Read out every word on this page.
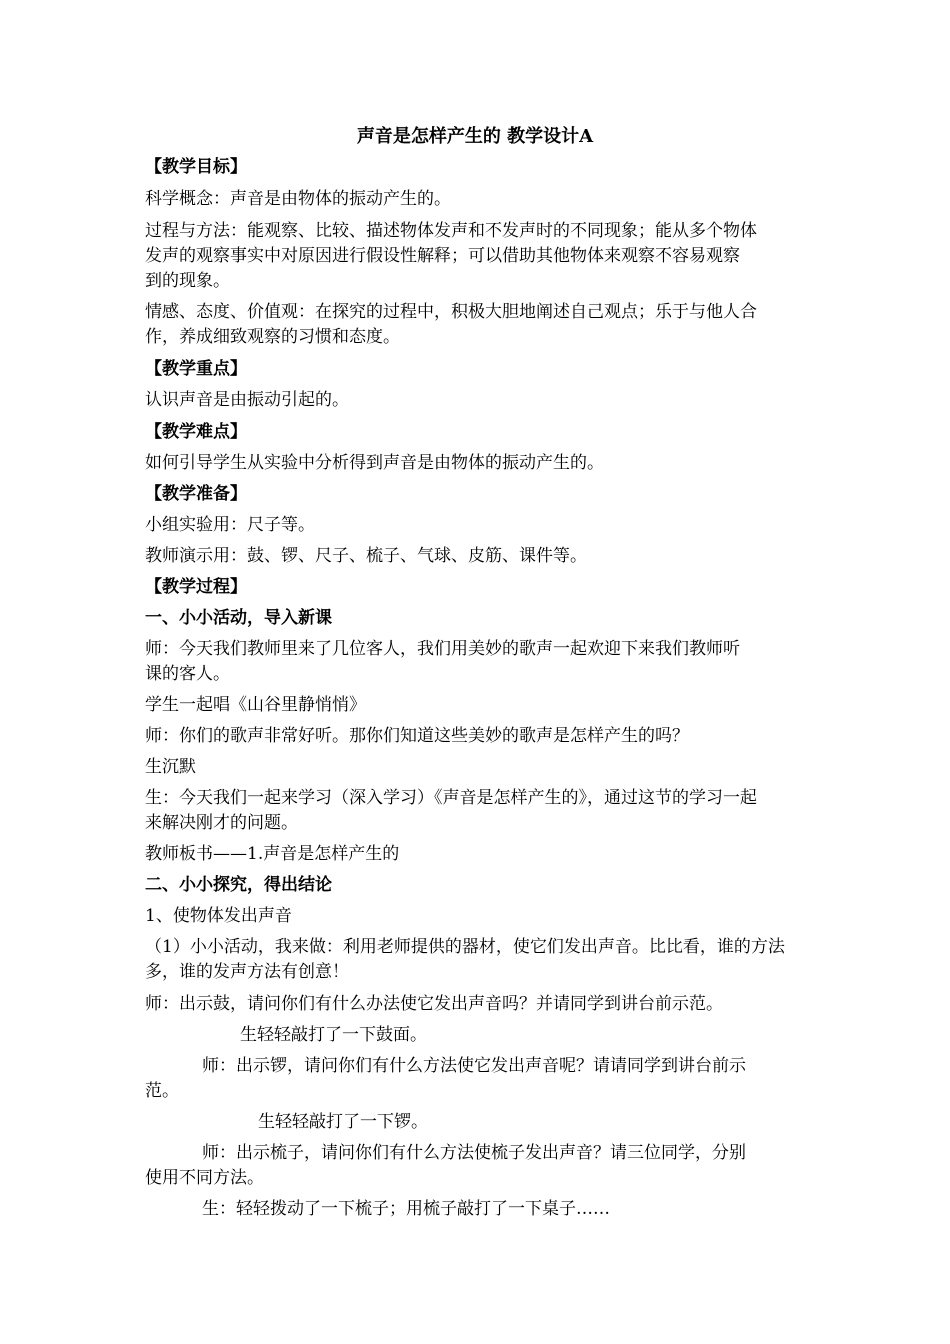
声音是怎样产生的 教学设计A
【教学目标】
科学概念：声音是由物体的振动产生的。
过程与方法：能观察、比较、描述物体发声和不发声时的不同现象；能从多个物体
发声的观察事实中对原因进行假设性解释；可以借助其他物体来观察不容易观察
到的现象。
情感、态度、价值观：在探究的过程中，积极大胆地阐述自己观点；乐于与他人合
作，养成细致观察的习惯和态度。
【教学重点】
认识声音是由振动引起的。
【教学难点】
如何引导学生从实验中分析得到声音是由物体的振动产生的。
【教学准备】
小组实验用：尺子等。
教师演示用：鼓、锣、尺子、梳子、气球、皮筋、课件等。
【教学过程】
一、小小活动，导入新课
师：今天我们教师里来了几位客人，我们用美妙的歌声一起欢迎下来我们教师听
课的客人。
学生一起唱《山谷里静悄悄》
师：你们的歌声非常好听。那你们知道这些美妙的歌声是怎样产生的吗？
生沉默
生：今天我们一起来学习（深入学习）《声音是怎样产生的》，通过这节的学习一起
来解决刚才的问题。
教师板书——1.声音是怎样产生的
二、小小探究，得出结论
1、使物体发出声音
（1）小小活动，我来做：利用老师提供的器材，使它们发出声音。比比看，谁的方法
多，谁的发声方法有创意！
师：出示鼓，请问你们有什么办法使它发出声音吗？并请同学到讲台前示范。
生轻轻敲打了一下鼓面。
师：出示锣，请问你们有什么方法使它发出声音呢？请请同学到讲台前示
范。
生轻轻敲打了一下锣。
师：出示梳子，请问你们有什么方法使梳子发出声音？请三位同学，分别
使用不同方法。
生：轻轻拨动了一下梳子；用梳子敲打了一下桌子……
